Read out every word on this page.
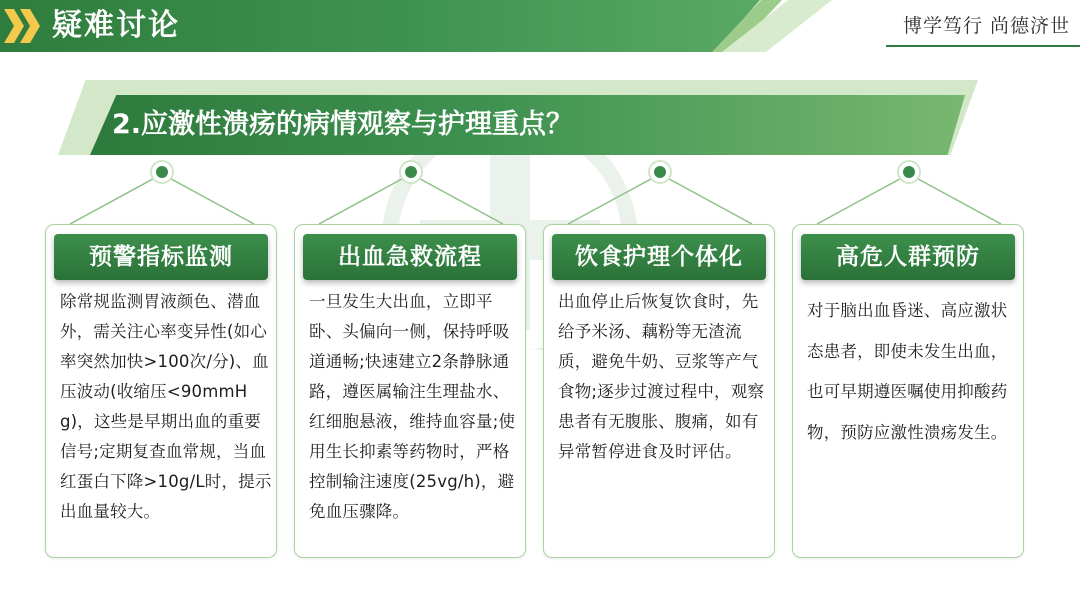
疑难讨论	博学笃行 尚德济世
2.应激性溃疡的病情观察与护理重点？
预警指标监测
除常规监测胃液颜色、潜血外，需关注心率变异性(如心率突然加快>100次/分)、血压波动(收缩压<90mmHg)，这些是早期出血的重要信号;定期复查血常规，当血红蛋白下降>10g/L时，提示出血量较大。
出血急救流程
一旦发生大出血，立即平卧、头偏向一侧，保持呼吸道通畅;快速建立2条静脉通路，遵医属输注生理盐水、红细胞悬液，维持血容量;使用生长抑素等药物时，严格控制输注速度(25vg/h)，避免血压骤降。
饮食护理个体化
出血停止后恢复饮食时，先给予米汤、藕粉等无渣流质，避免牛奶、豆浆等产气食物;逐步过渡过程中，观察患者有无腹胀、腹痛，如有异常暂停进食及时评估。
高危人群预防
对于脑出血昏迷、高应激状态患者，即使未发生出血，也可早期遵医嘱使用抑酸药物，预防应激性溃疡发生。
